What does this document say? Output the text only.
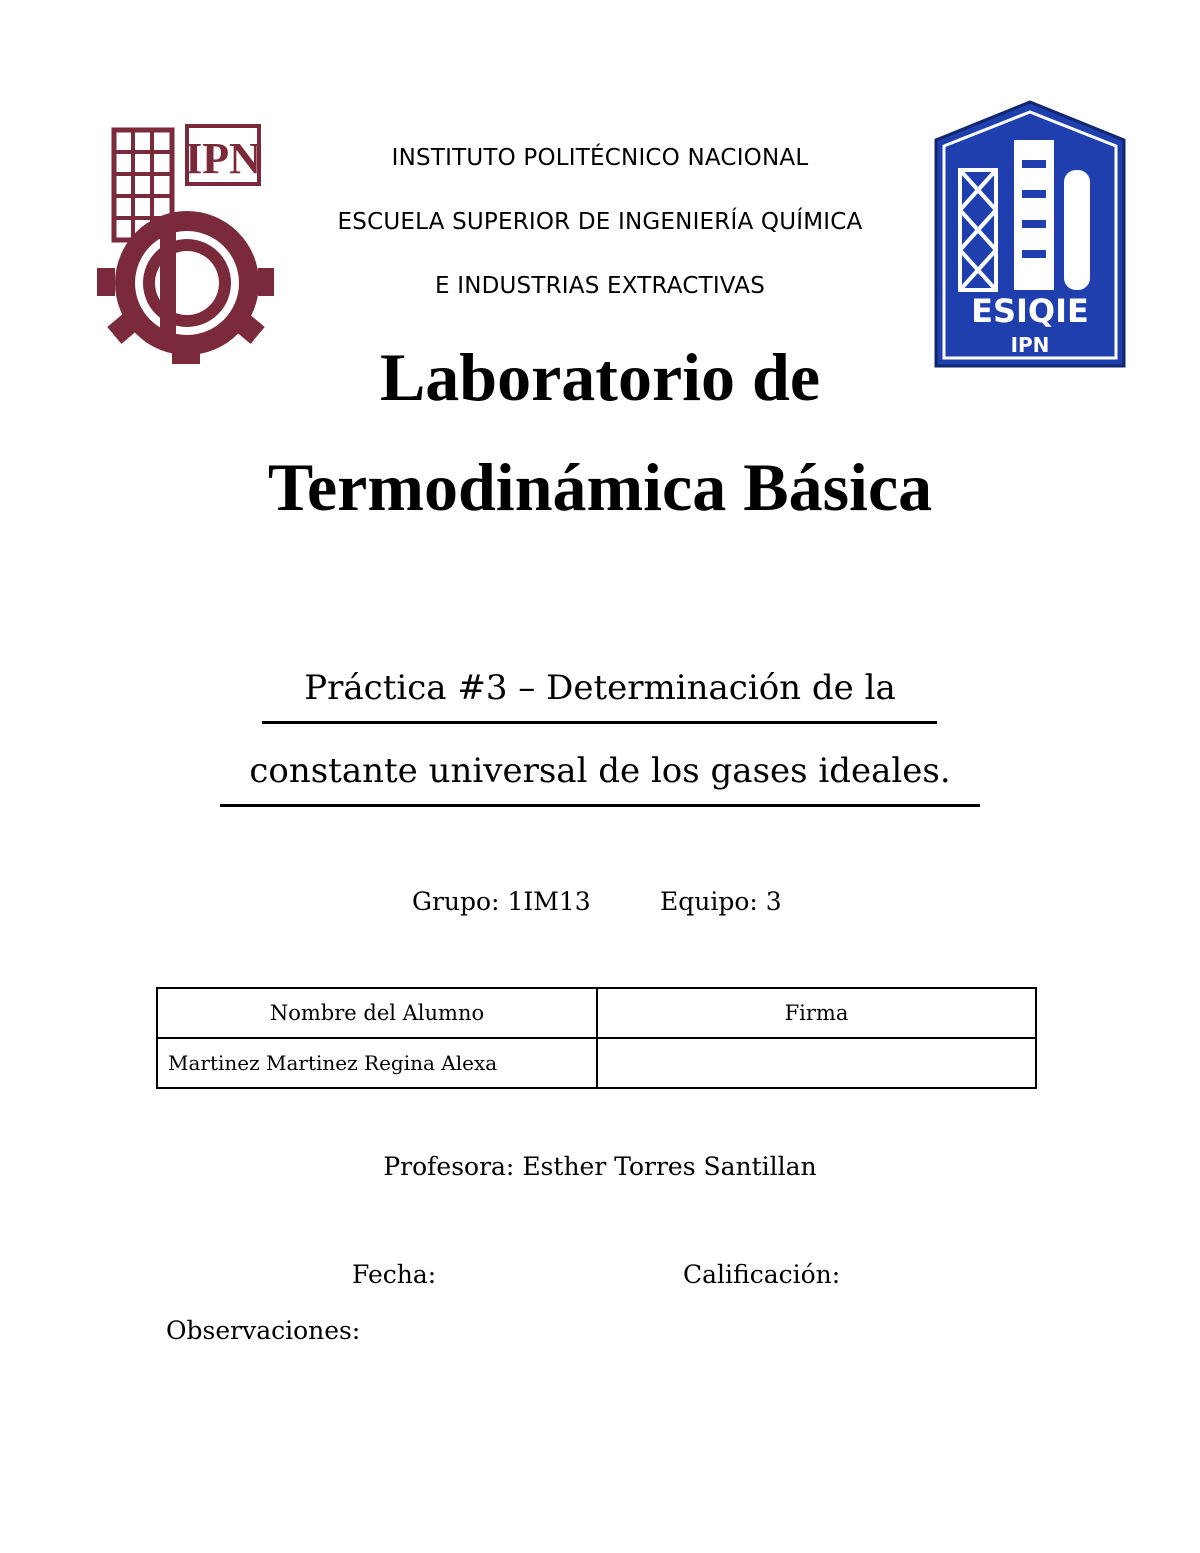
IPN
ESIQIE
IPN
INSTITUTO POLITÉCNICO NACIONAL
ESCUELA SUPERIOR DE INGENIERÍA QUÍMICA
E INDUSTRIAS EXTRACTIVAS
Laboratorio de
Termodinámica Básica
Práctica #3 – Determinación de la
constante universal de los gases ideales.
Grupo: 1IM13	Equipo: 3
Nombre del Alumno	Firma
Martinez Martinez Regina Alexa	
Profesora: Esther Torres Santillan
Fecha:	Calificación:
Observaciones:
